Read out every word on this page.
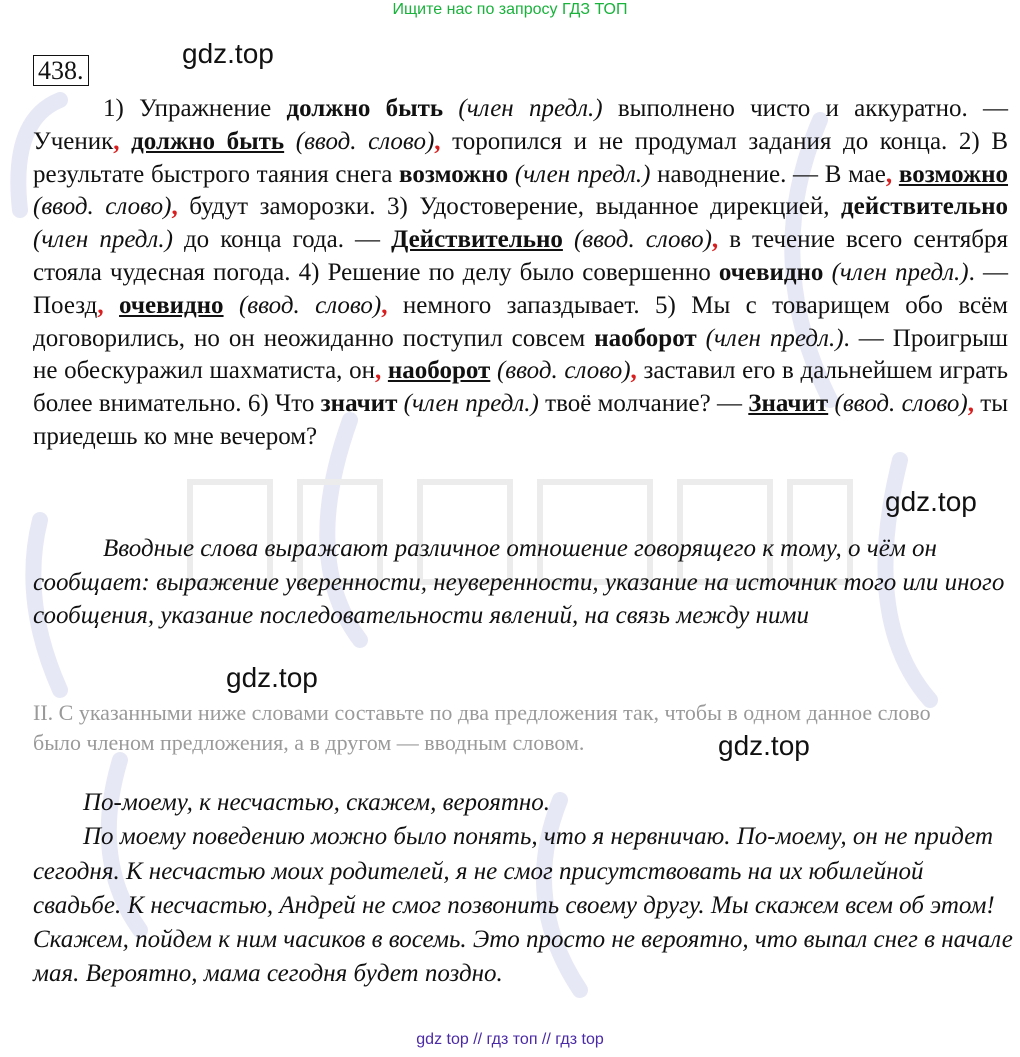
Ищите нас по запросу ГДЗ ТОП
438.
gdz.top
gdz.top
gdz.top
gdz.top

1) Упражнение должно быть (член предл.) выполнено чисто и аккуратно. — Ученик, должно быть (ввод. слово), торопился и не продумал задания до конца. 2) В результате быстрого таяния снега возможно (член предл.) наводнение. — В мае, возможно (ввод. слово), будут заморозки. 3) Удостоверение, выданное дирекцией, действительно (член предл.) до конца года. — Действительно (ввод. слово), в течение всего сентября стояла чудесная погода. 4) Решение по делу было совершенно очевидно (член предл.). — Поезд, очевидно (ввод. слово), немного запаздывает. 5) Мы с товарищем обо всём договорились, но он неожиданно поступил совсем наоборот (член предл.). — Проигрыш не обескуражил шахматиста, он, наоборот (ввод. слово), заставил его в дальнейшем играть более внимательно. 6) Что значит (член предл.) твоё молчание? — Значит (ввод. слово), ты приедешь ко мне вечером?

Вводные слова выражают различное отношение говорящего к тому, о чём он сообщает: выражение уверенности, неуверенности, указание на источник того или иного сообщения, указание последовательности явлений, на связь между ними

II. С указанными ниже словами составьте по два предложения так, чтобы в одном данное слово было членом предложения, а в другом — вводным словом.

По-моему, к несчастью, скажем, вероятно.

По моему поведению можно было понять, что я нервничаю. По-моему, он не придет сегодня. К несчастью моих родителей, я не смог присутствовать на их юбилейной свадьбе. К несчастью, Андрей не смог позвонить своему другу. Мы скажем всем об этом! Скажем, пойдем к ним часиков в восемь. Это просто не вероятно, что выпал снег в начале мая. Вероятно, мама сегодня будет поздно.

gdz top // гдз топ // гдз top
